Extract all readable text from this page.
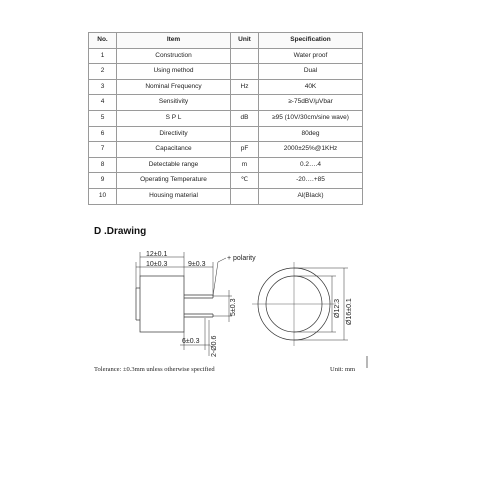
No.	Item	Unit	Specification
1	Construction		Water proof
2	Using method		Dual
3	Nominal Frequency	Hz	40K
4	Sensitivity		≥-75dBV/μVbar
5	S P L	dB	≥95 (10V/30cm/sine wave)
6	Directivity		80deg
7	Capacitance	pF	2000±25%@1KHz
8	Detectable range	m	0.2….4
9	Operating Temperature	℃	-20….+85
10	Housing material		Al(Black)
D .Drawing
12±0.1
10±0.3	9±0.3
+ polarity
5±0.3
6±0.3 2-Ø0.6
Ø12.3 Ø16±0.1
Tolerance: ±0.3mm unless otherwise specified	Unit: mm
